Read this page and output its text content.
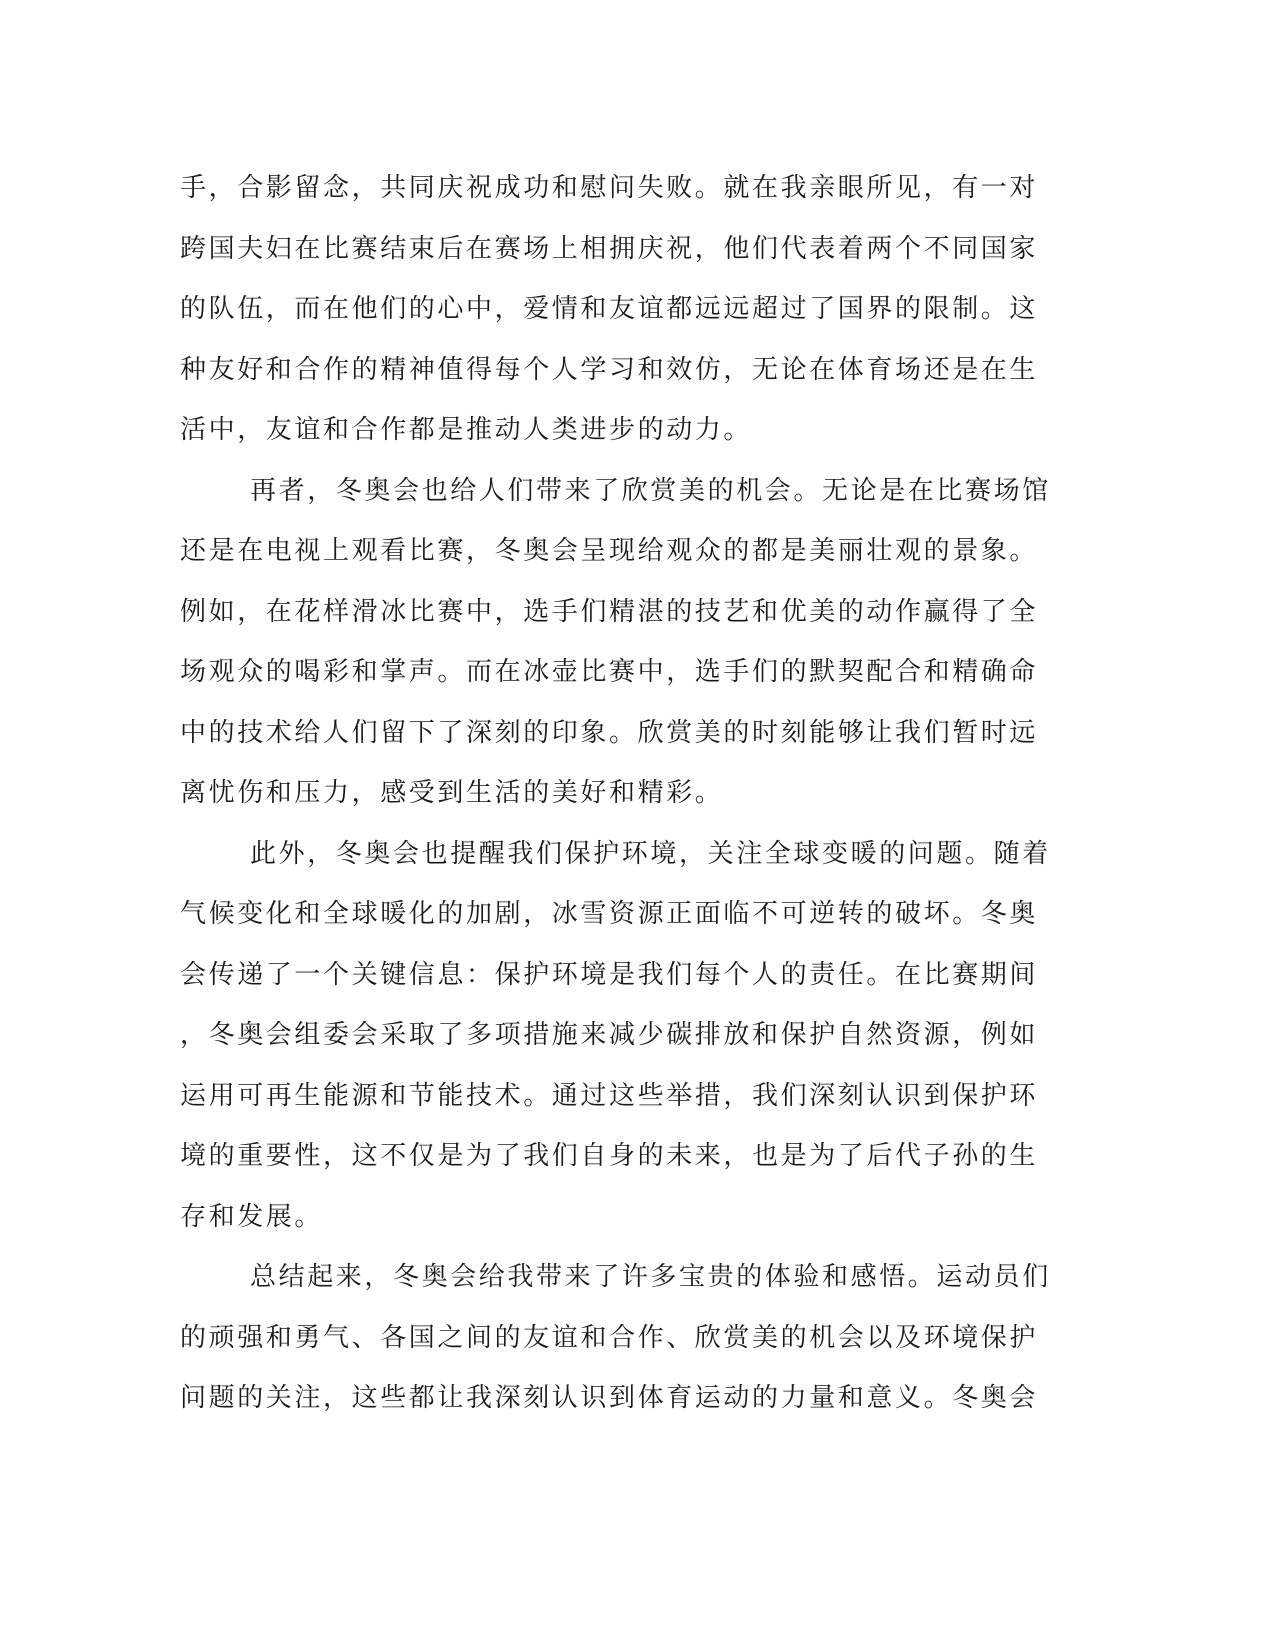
手，合影留念，共同庆祝成功和慰问失败。就在我亲眼所见，有一对
跨国夫妇在比赛结束后在赛场上相拥庆祝，他们代表着两个不同国家
的队伍，而在他们的心中，爱情和友谊都远远超过了国界的限制。这
种友好和合作的精神值得每个人学习和效仿，无论在体育场还是在生
活中，友谊和合作都是推动人类进步的动力。
再者，冬奥会也给人们带来了欣赏美的机会。无论是在比赛场馆
还是在电视上观看比赛，冬奥会呈现给观众的都是美丽壮观的景象。
例如，在花样滑冰比赛中，选手们精湛的技艺和优美的动作赢得了全
场观众的喝彩和掌声。而在冰壶比赛中，选手们的默契配合和精确命
中的技术给人们留下了深刻的印象。欣赏美的时刻能够让我们暂时远
离忧伤和压力，感受到生活的美好和精彩。
此外，冬奥会也提醒我们保护环境，关注全球变暖的问题。随着
气候变化和全球暖化的加剧，冰雪资源正面临不可逆转的破坏。冬奥
会传递了一个关键信息：保护环境是我们每个人的责任。在比赛期间
，冬奥会组委会采取了多项措施来减少碳排放和保护自然资源，例如
运用可再生能源和节能技术。通过这些举措，我们深刻认识到保护环
境的重要性，这不仅是为了我们自身的未来，也是为了后代子孙的生
存和发展。
总结起来，冬奥会给我带来了许多宝贵的体验和感悟。运动员们
的顽强和勇气、各国之间的友谊和合作、欣赏美的机会以及环境保护
问题的关注，这些都让我深刻认识到体育运动的力量和意义。冬奥会
